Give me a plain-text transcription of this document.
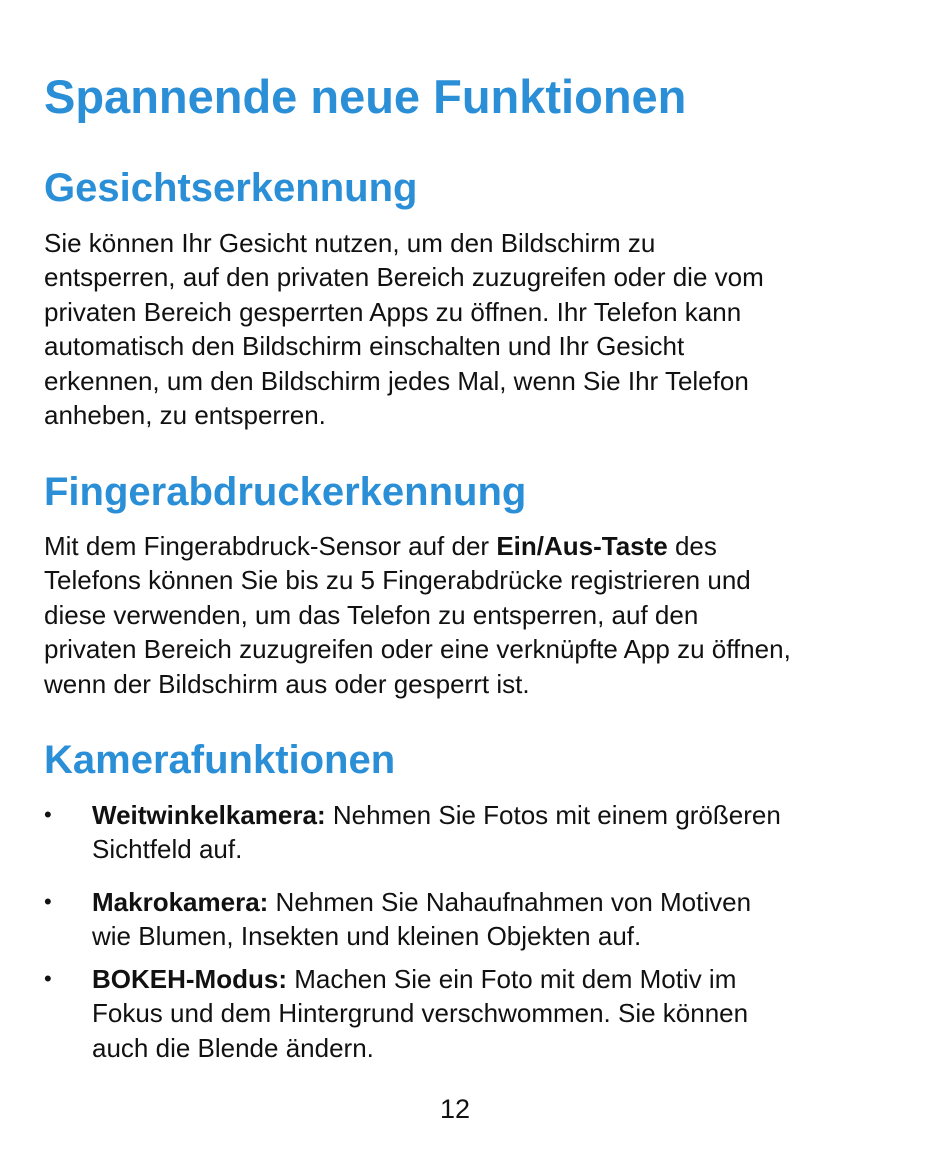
Spannende neue Funktionen
Gesichtserkennung

Sie können Ihr Gesicht nutzen, um den Bildschirm zu
entsperren, auf den privaten Bereich zuzugreifen oder die vom
privaten Bereich gesperrten Apps zu öffnen. Ihr Telefon kann
automatisch den Bildschirm einschalten und Ihr Gesicht
erkennen, um den Bildschirm jedes Mal, wenn Sie Ihr Telefon
anheben, zu entsperren.

Fingerabdruckerkennung

Mit dem Fingerabdruck-Sensor auf der Ein/Aus-Taste des
Telefons können Sie bis zu 5 Fingerabdrücke registrieren und
diese verwenden, um das Telefon zu entsperren, auf den
privaten Bereich zuzugreifen oder eine verknüpfte App zu öffnen,
wenn der Bildschirm aus oder gesperrt ist.

Kamerafunktionen
•	Weitwinkelkamera: Nehmen Sie Fotos mit einem größeren
Sichtfeld auf.
•	Makrokamera: Nehmen Sie Nahaufnahmen von Motiven
wie Blumen, Insekten und kleinen Objekten auf.
•	BOKEH-Modus: Machen Sie ein Foto mit dem Motiv im
Fokus und dem Hintergrund verschwommen. Sie können
auch die Blende ändern.
12
